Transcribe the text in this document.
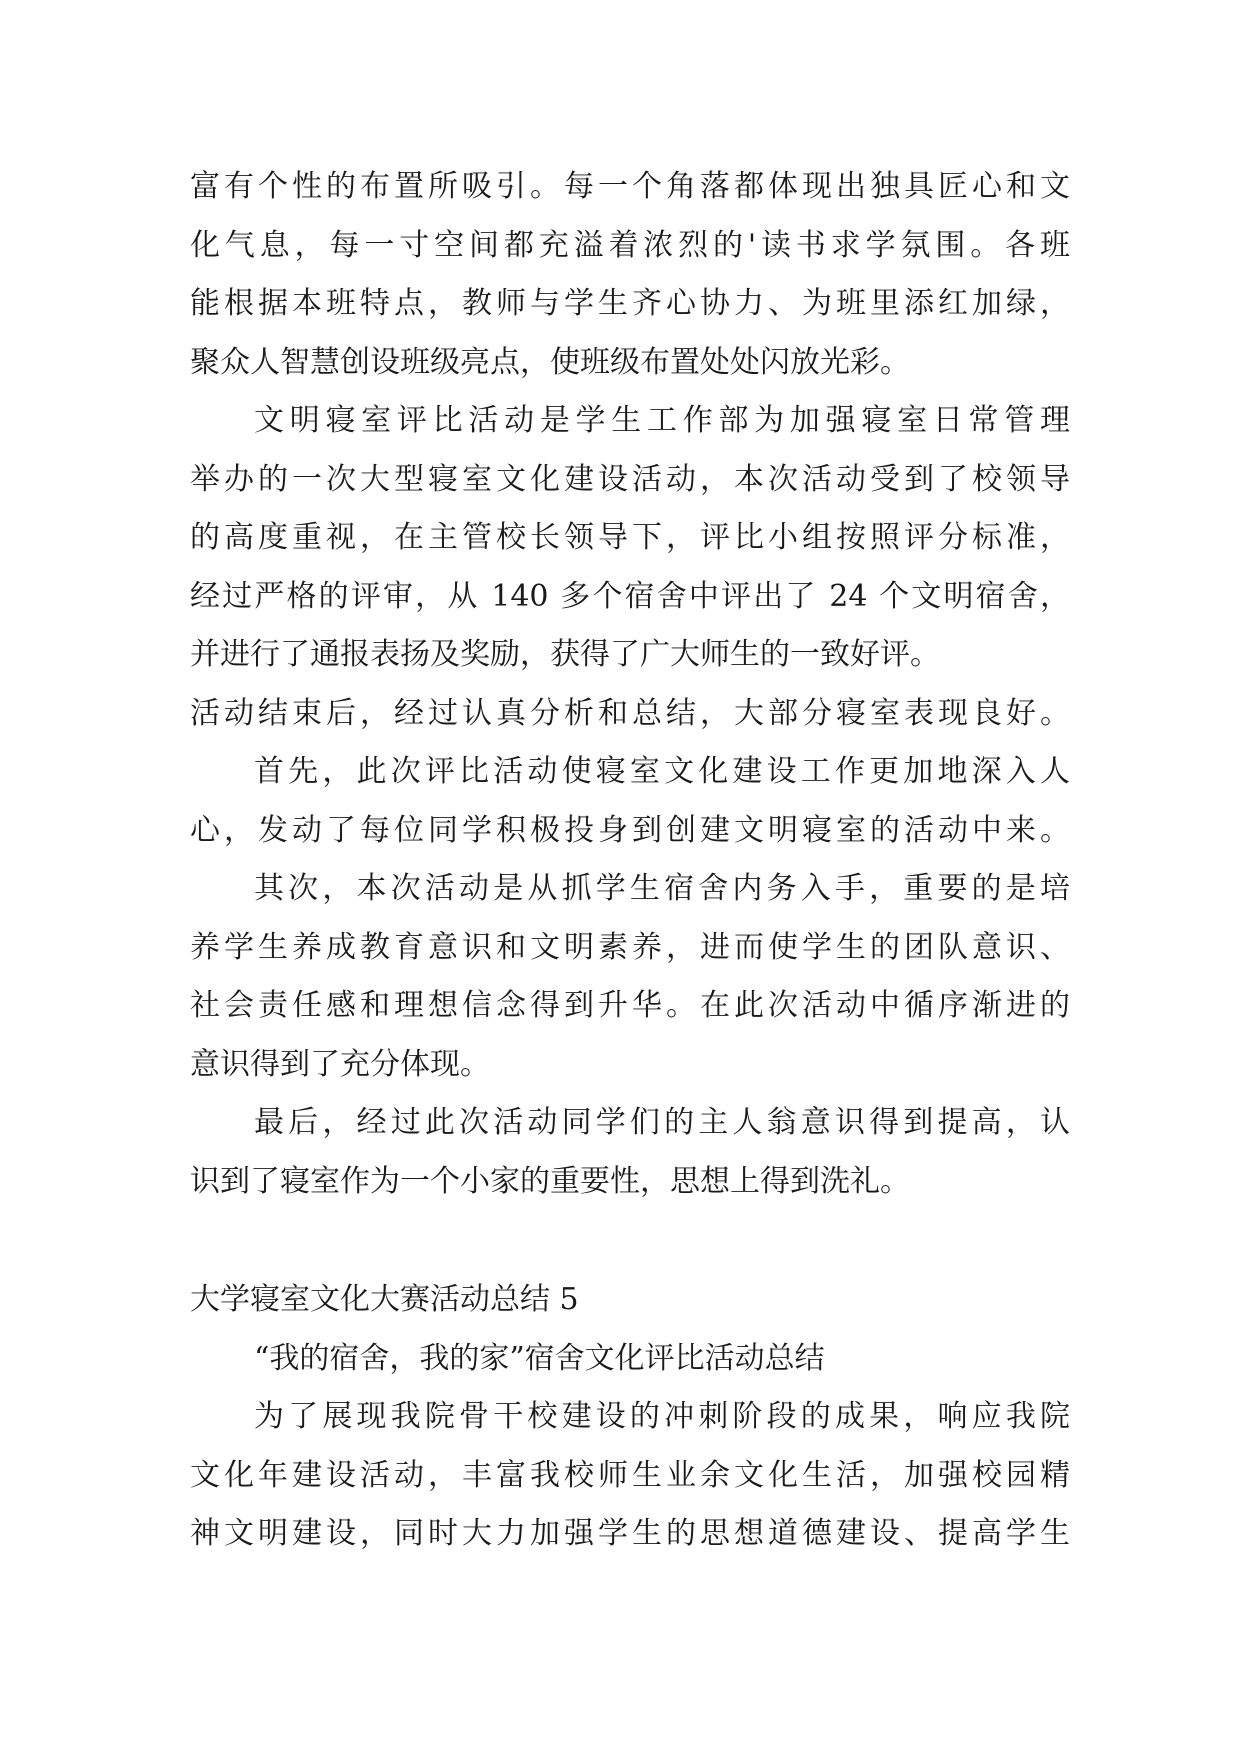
富有个性的布置所吸引。每一个角落都体现出独具匠心和文
化气息，每一寸空间都充溢着浓烈的'读书求学氛围。各班
能根据本班特点，教师与学生齐心协力、为班里添红加绿，
聚众人智慧创设班级亮点，使班级布置处处闪放光彩。
文明寝室评比活动是学生工作部为加强寝室日常管理
举办的一次大型寝室文化建设活动，本次活动受到了校领导
的高度重视，在主管校长领导下，评比小组按照评分标准，
经过严格的评审，从 140 多个宿舍中评出了 24 个文明宿舍，
并进行了通报表扬及奖励，获得了广大师生的一致好评。
活动结束后，经过认真分析和总结，大部分寝室表现良好。
首先，此次评比活动使寝室文化建设工作更加地深入人
心，发动了每位同学积极投身到创建文明寝室的活动中来。
其次，本次活动是从抓学生宿舍内务入手，重要的是培
养学生养成教育意识和文明素养，进而使学生的团队意识、
社会责任感和理想信念得到升华。在此次活动中循序渐进的
意识得到了充分体现。
最后，经过此次活动同学们的主人翁意识得到提高，认
识到了寝室作为一个小家的重要性，思想上得到洗礼。
大学寝室文化大赛活动总结 5
“我的宿舍，我的家”宿舍文化评比活动总结
为了展现我院骨干校建设的冲刺阶段的成果，响应我院
文化年建设活动，丰富我校师生业余文化生活，加强校园精
神文明建设，同时大力加强学生的思想道德建设、提高学生
